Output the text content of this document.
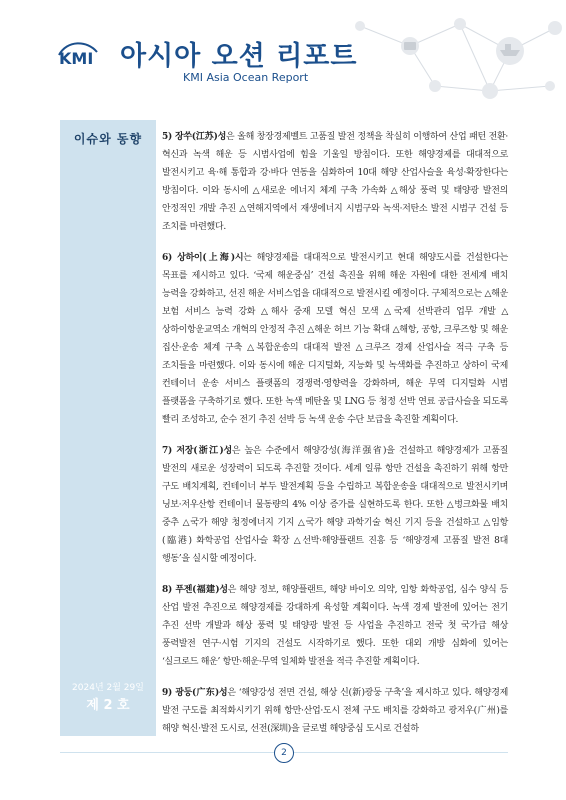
KMI 아시아 오션 리포트
KMI Asia Ocean Report
이슈와 동향
2024년 2월 29일
제 2 호

5) 장쑤(江苏)성은 올해 창장경제벨트 고품질 발전 정책을 착실히 이행하여 산업 패턴 전환·혁신과 녹색 해운 등 시범사업에 힘을 기울일 방침이다. 또한 해양경제를 대대적으로 발전시키고 육·해 통합과 강·바다 연동을 심화하여 10대 해양 산업사슬을 육성·확장한다는 방침이다. 이와 동시에 △새로운 에너지 체계 구축 가속화 △해상 풍력 및 태양광 발전의 안정적인 개발 추진 △연해지역에서 재생에너지 시범구와 녹색·저탄소 발전 시범구 건설 등 조치를 마련했다.

6) 상하이(上海)시는 해양경제를 대대적으로 발전시키고 현대 해양도시를 건설한다는 목표를 제시하고 있다. ‘국제 해운중심’ 건설 촉진을 위해 해운 자원에 대한 전세계 배치 능력을 강화하고, 선진 해운 서비스업을 대대적으로 발전시킬 예정이다. 구체적으로는 △해운 보험 서비스 능력 강화 △해사 중재 모델 혁신 모색 △국제 선박관리 업무 개발 △상하이항운교역소 개혁의 안정적 추진 △해운 허브 기능 확대 △해항, 공항, 크루즈항 및 해운 집산·운송 체계 구축 △복합운송의 대대적 발전 △크루즈 경제 산업사슬 적극 구축 등 조치들을 마련했다. 이와 동시에 해운 디지털화, 지능화 및 녹색화를 추진하고 상하이 국제 컨테이너 운송 서비스 플랫폼의 경쟁력·영향력을 강화하며, 해운 무역 디지털화 시범 플랫폼을 구축하기로 했다. 또한 녹색 메탄올 및 LNG 등 청정 선박 연료 공급사슬을 되도록 빨리 조성하고, 순수 전기 추진 선박 등 녹색 운송 수단 보급을 촉진할 계획이다.

7) 저장(浙江)성은 높은 수준에서 해양강성(海洋强省)을 건설하고 해양경제가 고품질 발전의 새로운 성장력이 되도록 추진할 것이다. 세계 일류 항만 건설을 촉진하기 위해 항만 구도 배치계획, 컨테이너 부두 발전계획 등을 수립하고 복합운송을 대대적으로 발전시키며 닝보·저우산항 컨테이너 물동량의 4% 이상 증가를 실현하도록 한다. 또한 △벙크화물 배치 중추 △국가 해양 청정에너지 기지 △국가 해양 과학기술 혁신 기지 등을 건설하고 △임항(臨港) 화학공업 산업사슬 확장 △선박·해양플랜트 진흥 등 ‘해양경제 고품질 발전 8대 행동’을 실시할 예정이다.

8) 푸젠(福建)성은 해양 정보, 해양플랜트, 해양 바이오 의약, 임항 화학공업, 심수 양식 등 산업 발전 추진으로 해양경제를 강대하게 육성할 계획이다. 녹색 경제 발전에 있어는 전기 추진 선박 개발과 해상 풍력 및 태양광 발전 등 사업을 추진하고 전국 첫 국가급 해상 풍력발전 연구·시험 기지의 건설도 시작하기로 했다. 또한 대외 개방 심화에 있어는 ‘실크로드 해운’ 항만·해운·무역 일체화 발전을 적극 추진할 계획이다.

9) 광둥(广东)성은 ‘해양강성 전면 건설, 해상 신(新)광둥 구축’을 제시하고 있다. 해양경제 발전 구도를 최적화시키기 위해 항만·산업·도시 전체 구도 배치를 강화하고 광저우(广州)를 해양 혁신·발전 도시로, 선전(深圳)을 글로벌 해양중심 도시로 건설하

2
